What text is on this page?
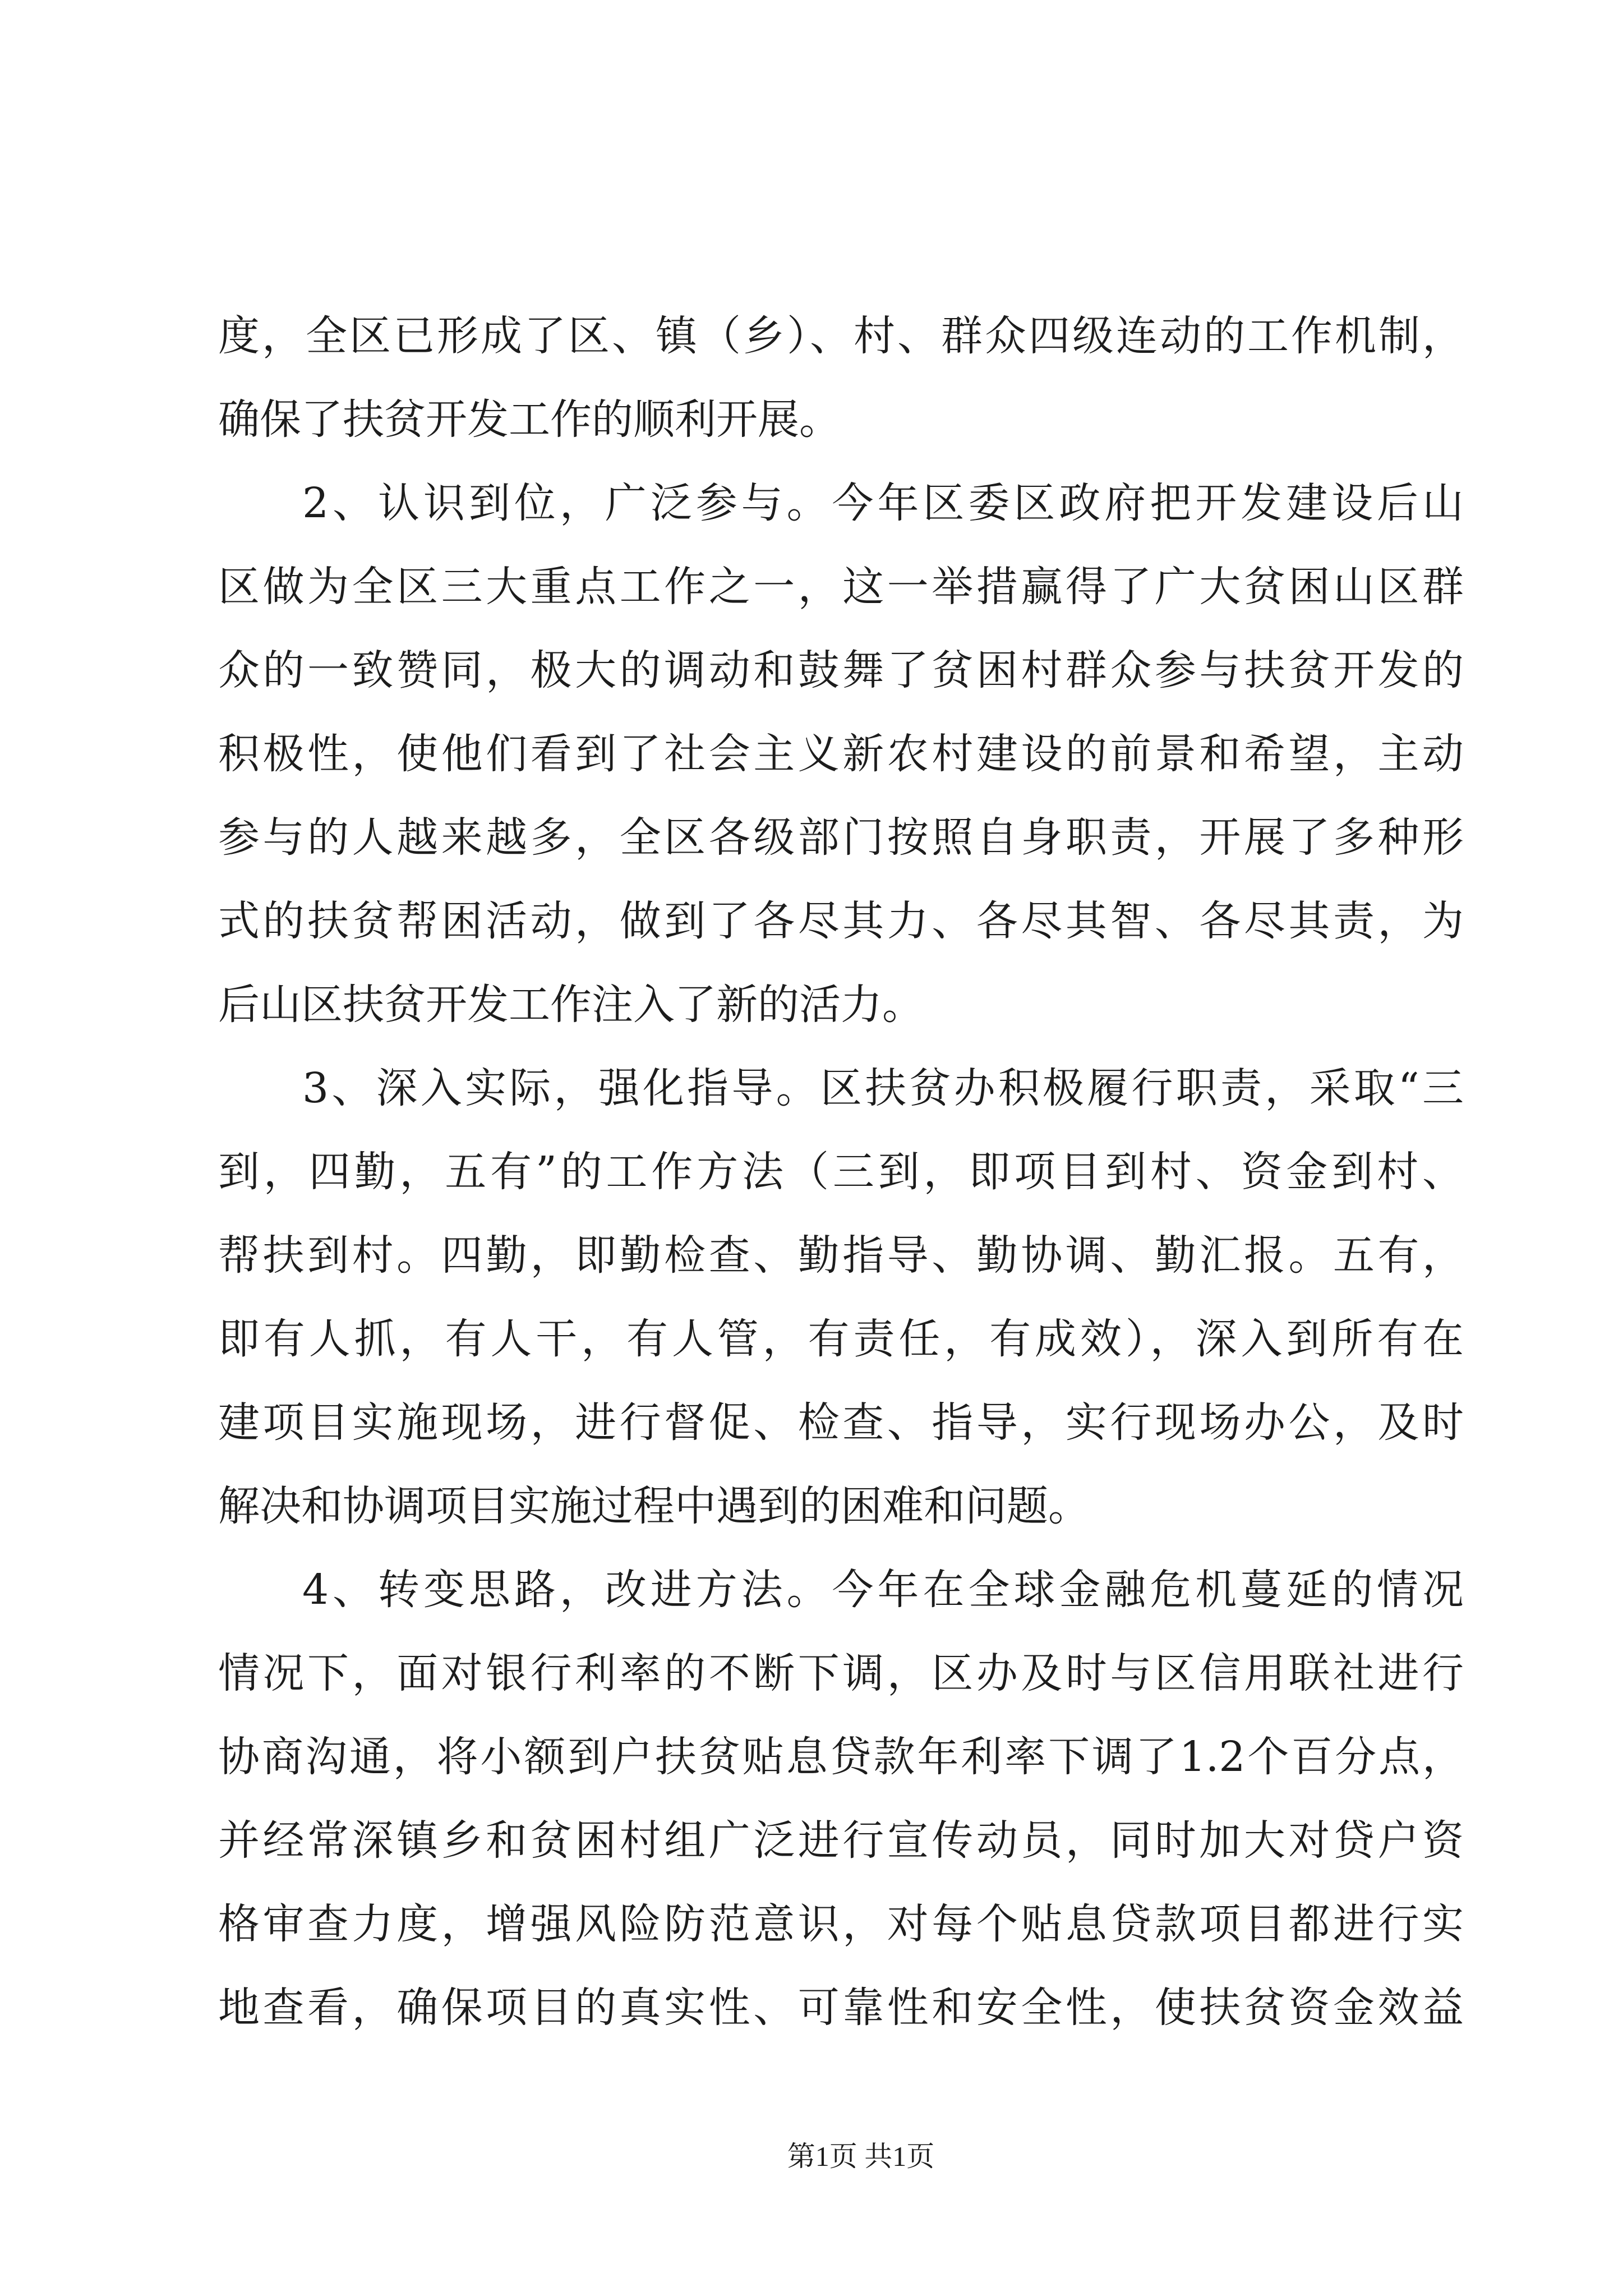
度，全区已形成了区、镇（乡）、村、群众四级连动的工作机制，
确保了扶贫开发工作的顺利开展。
2、认识到位，广泛参与。今年区委区政府把开发建设后山
区做为全区三大重点工作之一，这一举措赢得了广大贫困山区群
众的一致赞同，极大的调动和鼓舞了贫困村群众参与扶贫开发的
积极性，使他们看到了社会主义新农村建设的前景和希望，主动
参与的人越来越多，全区各级部门按照自身职责，开展了多种形
式的扶贫帮困活动，做到了各尽其力、各尽其智、各尽其责，为
后山区扶贫开发工作注入了新的活力。
3、深入实际，强化指导。区扶贫办积极履行职责，采取“三
到，四勤，五有”的工作方法（三到，即项目到村、资金到村、
帮扶到村。四勤，即勤检查、勤指导、勤协调、勤汇报。五有，
即有人抓，有人干，有人管，有责任，有成效），深入到所有在
建项目实施现场，进行督促、检查、指导，实行现场办公，及时
解决和协调项目实施过程中遇到的困难和问题。
4、转变思路，改进方法。今年在全球金融危机蔓延的情况
情况下，面对银行利率的不断下调，区办及时与区信用联社进行
协商沟通，将小额到户扶贫贴息贷款年利率下调了1.2个百分点，
并经常深镇乡和贫困村组广泛进行宣传动员，同时加大对贷户资
格审查力度，增强风险防范意识，对每个贴息贷款项目都进行实
地查看，确保项目的真实性、可靠性和安全性，使扶贫资金效益
第1页 共1页
